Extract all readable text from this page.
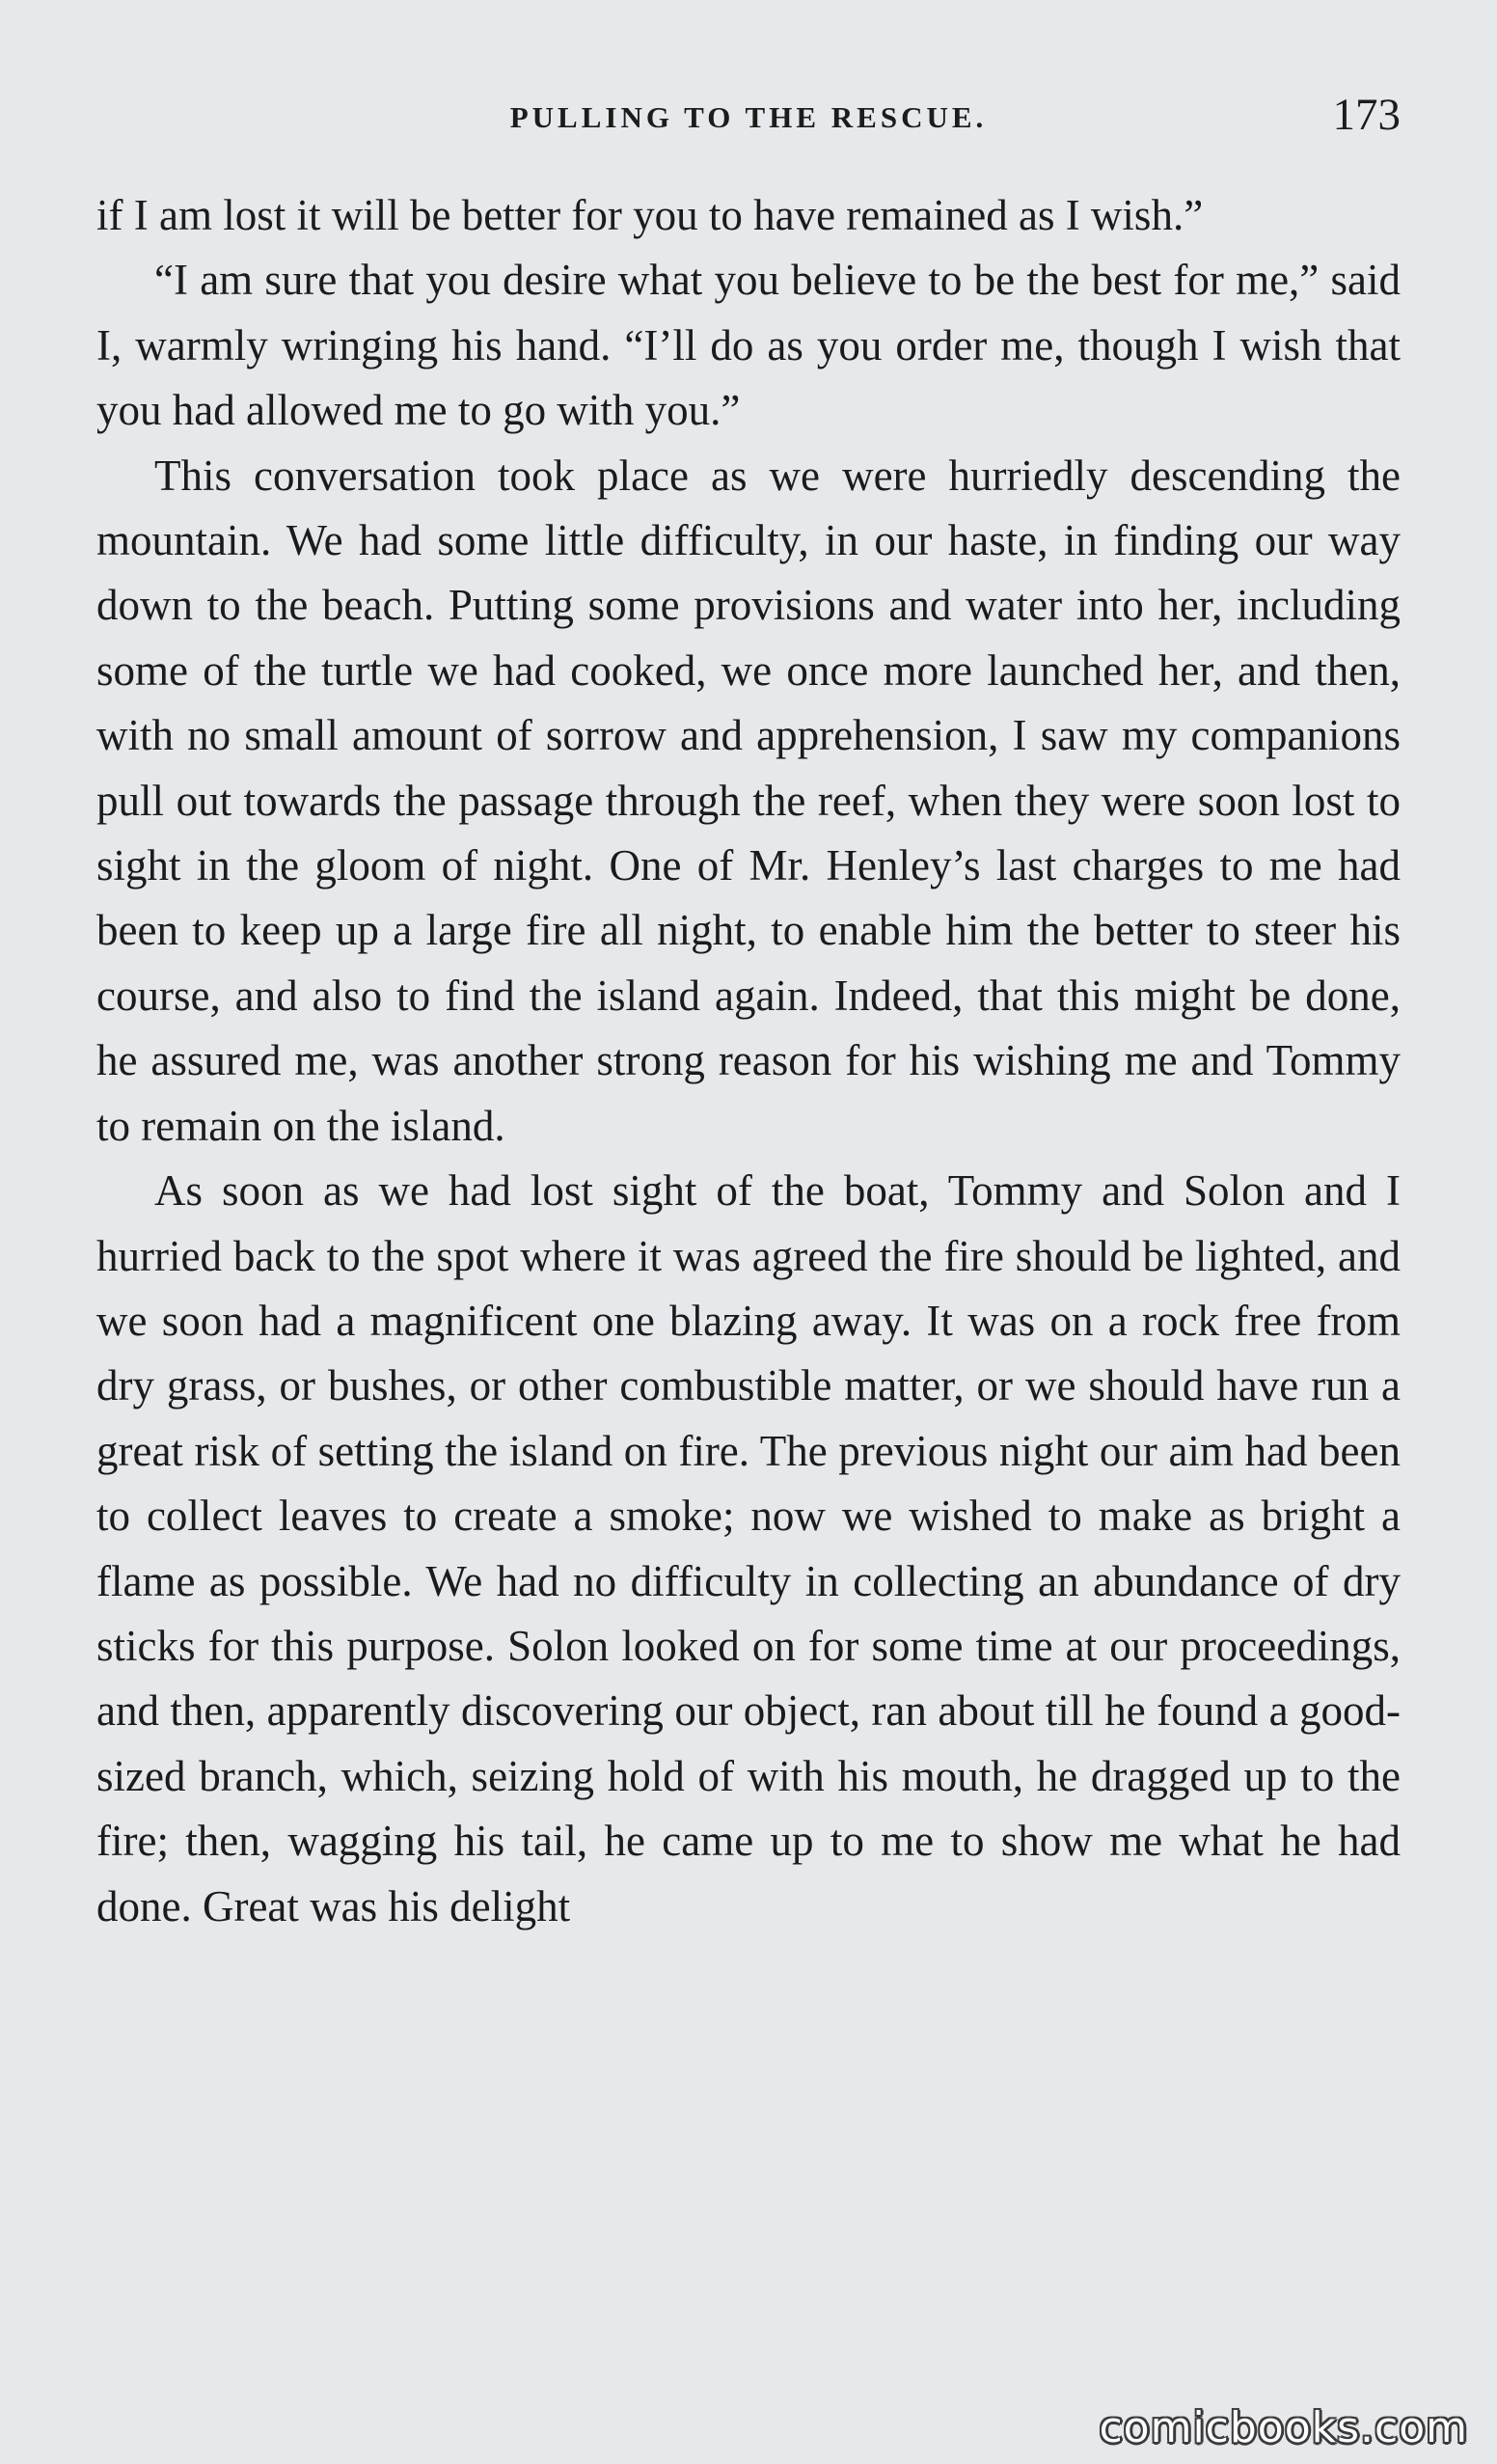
PULLING TO THE RESCUE.	173

if I am lost it will be better for you to have remained as I wish.”

“I am sure that you desire what you believe to be the best for me,” said I, warmly wringing his hand. “I’ll do as you order me, though I wish that you had allowed me to go with you.”

This conversation took place as we were hurriedly descending the mountain. We had some little difficulty, in our haste, in finding our way down to the beach. Putting some provisions and water into her, including some of the turtle we had cooked, we once more launched her, and then, with no small amount of sorrow and apprehension, I saw my companions pull out towards the passage through the reef, when they were soon lost to sight in the gloom of night. One of Mr. Henley’s last charges to me had been to keep up a large fire all night, to enable him the better to steer his course, and also to find the island again. Indeed, that this might be done, he assured me, was another strong reason for his wishing me and Tommy to remain on the island.

As soon as we had lost sight of the boat, Tommy and Solon and I hurried back to the spot where it was agreed the fire should be lighted, and we soon had a magnificent one blazing away. It was on a rock free from dry grass, or bushes, or other combustible matter, or we should have run a great risk of setting the island on fire. The previous night our aim had been to collect leaves to create a smoke; now we wished to make as bright a flame as possible. We had no difficulty in collecting an abundance of dry sticks for this purpose. Solon looked on for some time at our proceedings, and then, apparently discovering our object, ran about till he found a good-sized branch, which, seizing hold of with his mouth, he dragged up to the fire; then, wagging his tail, he came up to me to show me what he had done. Great was his delight

comicbooks.com
